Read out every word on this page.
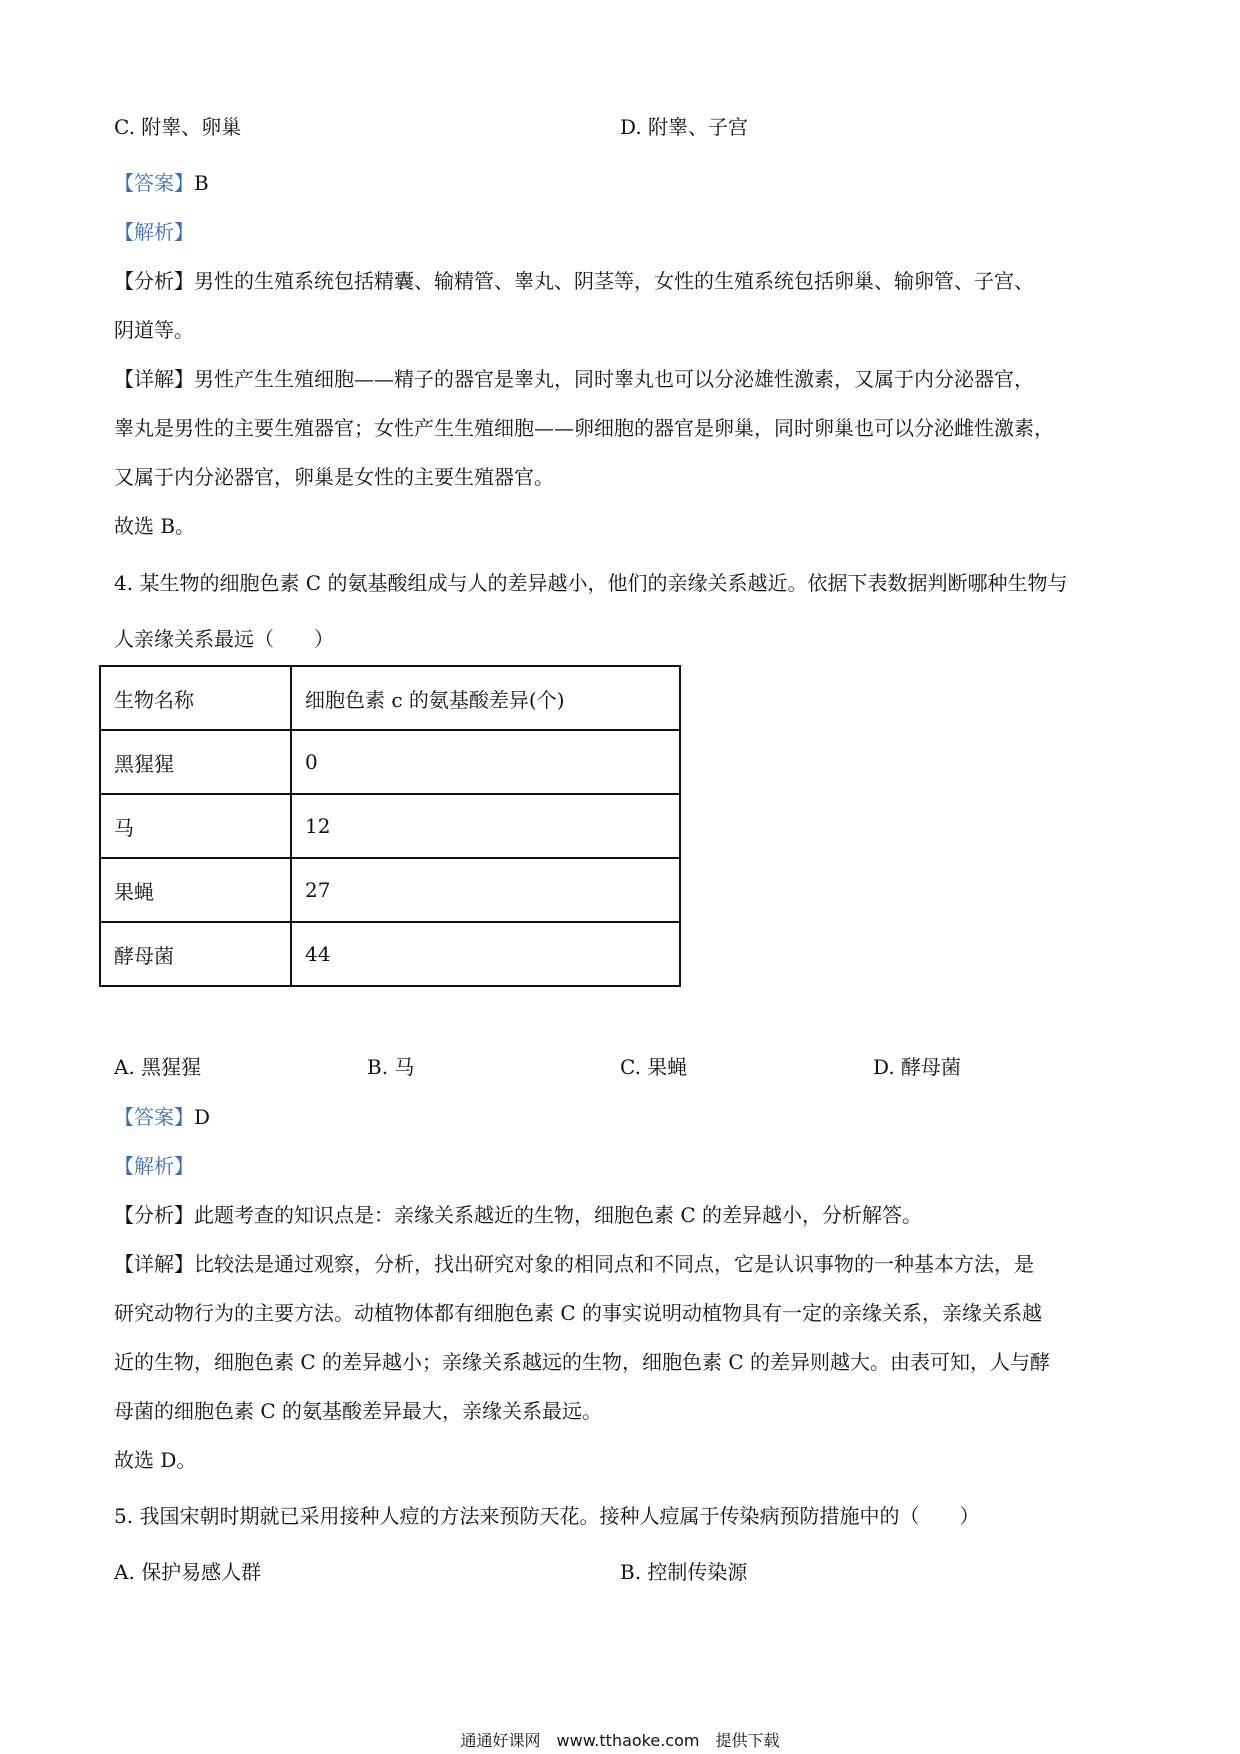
C. 附睾、卵巢	D. 附睾、子宫
【答案】B
【解析】
【分析】男性的生殖系统包括精囊、输精管、睾丸、阴茎等，女性的生殖系统包括卵巢、输卵管、子宫、
阴道等。
【详解】男性产生生殖细胞——精子的器官是睾丸，同时睾丸也可以分泌雄性激素，又属于内分泌器官，
睾丸是男性的主要生殖器官；女性产生生殖细胞——卵细胞的器官是卵巢，同时卵巢也可以分泌雌性激素，
又属于内分泌器官，卵巢是女性的主要生殖器官。
故选 B。
4. 某生物的细胞色素 C 的氨基酸组成与人的差异越小，他们的亲缘关系越近。依据下表数据判断哪种生物与
人亲缘关系最远（　　）
生物名称	细胞色素 c 的氨基酸差异(个)
黑猩猩	0
马	12
果蝇	27
酵母菌	44
A. 黑猩猩	B. 马	C. 果蝇	D. 酵母菌
【答案】D
【解析】
【分析】此题考查的知识点是：亲缘关系越近的生物，细胞色素 C 的差异越小，分析解答。
【详解】比较法是通过观察，分析，找出研究对象的相同点和不同点，它是认识事物的一种基本方法，是
研究动物行为的主要方法。动植物体都有细胞色素 C 的事实说明动植物具有一定的亲缘关系，亲缘关系越
近的生物，细胞色素 C 的差异越小；亲缘关系越远的生物，细胞色素 C 的差异则越大。由表可知，人与酵
母菌的细胞色素 C 的氨基酸差异最大，亲缘关系最远。
故选 D。
5. 我国宋朝时期就已采用接种人痘的方法来预防天花。接种人痘属于传染病预防措施中的（　　）
A. 保护易感人群	B. 控制传染源
通通好课网　www.tthaoke.com　提供下载
